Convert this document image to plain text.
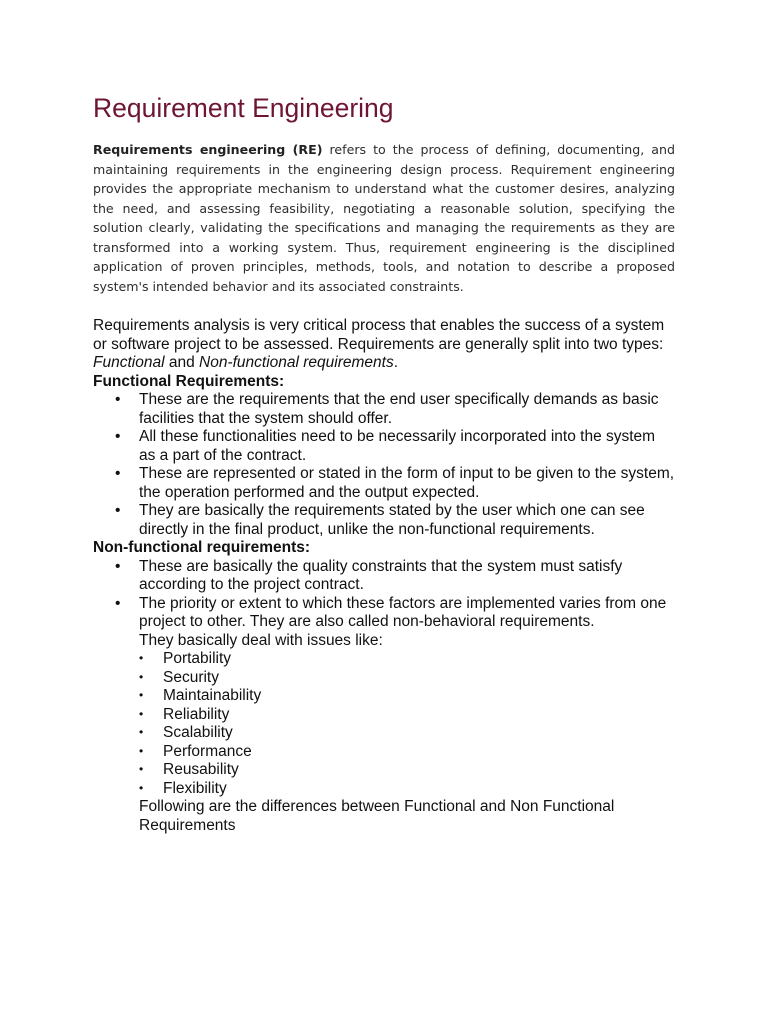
Requirement Engineering

Requirements engineering (RE) refers to the process of defining, documenting, and maintaining requirements in the engineering design process. Requirement engineering provides the appropriate mechanism to understand what the customer desires, analyzing the need, and assessing feasibility, negotiating a reasonable solution, specifying the solution clearly, validating the specifications and managing the requirements as they are transformed into a working system. Thus, requirement engineering is the disciplined application of proven principles, methods, tools, and notation to describe a proposed system's intended behavior and its associated constraints.

Requirements analysis is very critical process that enables the success of a system or software project to be assessed. Requirements are generally split into two types: Functional and Non-functional requirements.

Functional Requirements:

• These are the requirements that the end user specifically demands as basic facilities that the system should offer.
• All these functionalities need to be necessarily incorporated into the system as a part of the contract.
• These are represented or stated in the form of input to be given to the system, the operation performed and the output expected.
• They are basically the requirements stated by the user which one can see directly in the final product, unlike the non-functional requirements.

Non-functional requirements:

• These are basically the quality constraints that the system must satisfy according to the project contract.
• The priority or extent to which these factors are implemented varies from one project to other. They are also called non-behavioral requirements.
They basically deal with issues like:
• Portability
• Security
• Maintainability
• Reliability
• Scalability
• Performance
• Reusability
• Flexibility
Following are the differences between Functional and Non Functional Requirements
